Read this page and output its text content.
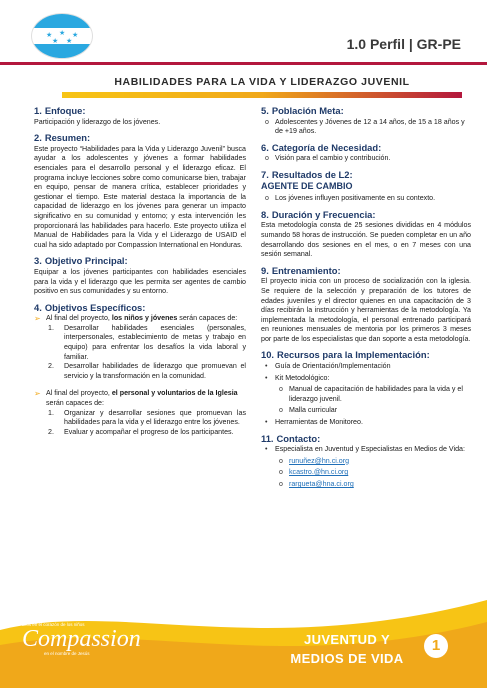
★ ★ ★
★ ★	1.0 Perfil | GR-PE
HABILIDADES PARA LA VIDA Y LIDERAZGO JUVENIL
1. Enfoque:
Participación y liderazgo de los jóvenes.
2. Resumen:
Este proyecto “Habilidades para la Vida y Liderazgo Juvenil” busca ayudar a los adolescentes y jóvenes a formar habilidades esenciales para el desarrollo personal y el liderazgo eficaz. El programa incluye lecciones sobre como comunicarse bien, trabajar en equipo, pensar de manera crítica, establecer prioridades y gestionar el tiempo. Este material destaca la importancia de la capacidad de liderazgo en los jóvenes para generar un impacto significativo en su comunidad y entorno; y esta intervención les proporcionará las habilidades para hacerlo. Este proyecto utiliza el Manual de Habilidades para la Vida y el Liderazgo de USAID el cual ha sido adaptado por Compassion International en Honduras.
3. Objetivo Principal:
Equipar a los jóvenes participantes con habilidades esenciales para la vida y el liderazgo que les permita ser agentes de cambio positivo en sus comunidades y su entorno.
4. Objetivos Específicos:
➢ Al final del proyecto, los niños y jóvenes serán capaces de:
1. Desarrollar habilidades esenciales (personales, interpersonales, establecimiento de metas y trabajo en equipo) para enfrentar los desafíos la vida laboral y familiar.
2. Desarrollar habilidades de liderazgo que promuevan el servicio y la transformación en la comunidad.
➢ Al final del proyecto, el personal y voluntarios de la Iglesia serán capaces de:
1. Organizar y desarrollar sesiones que promuevan las habilidades para la vida y el liderazgo entre los jóvenes.
2. Evaluar y acompañar el progreso de los participantes.
5. Población Meta:
o Adolescentes y Jóvenes de 12 a 14 años, de 15 a 18 años y de +19 años.
6. Categoría de Necesidad:
o Visión para el cambio y contribución.
7. Resultados de L2:
AGENTE DE CAMBIO
o Los jóvenes influyen positivamente en su contexto.
8. Duración y Frecuencia:
Esta metodología consta de 25 sesiones divididas en 4 módulos sumando 58 horas de instrucción. Se pueden completar en un año desarrollando dos sesiones en el mes, o en 7 meses con una sesión semanal.
9. Entrenamiento:
El proyecto inicia con un proceso de socialización con la iglesia. Se requiere de la selección y preparación de los tutores de edades juveniles y el director quienes en una capacitación de 3 días recibirán la instrucción y herramientas de la metodología. Ya implementada la metodología, el personal entrenado participará en reuniones mensuales de mentoria por los primeros 3 meses por parte de los especialistas que dan soporte a esta metodología.
10. Recursos para la Implementación:
• Guía de Orientación/Implementación
• Kit Metodológico:
o Manual de capacitación de habilidades para la vida y el liderazgo juvenil.
o Malla curricular
• Herramientas de Monitoreo.
11. Contacto:
• Especialista en Juventud y Especialistas en Medios de Vida:
o runuñez@hn.ci.org
o kcastro.@hn.ci.org
o rargueta@hna.ci.org
Dios en el corazón de los niños
Compassion
en el nombre de Jesús
JUVENTUD Y
MEDIOS DE VIDA
1
